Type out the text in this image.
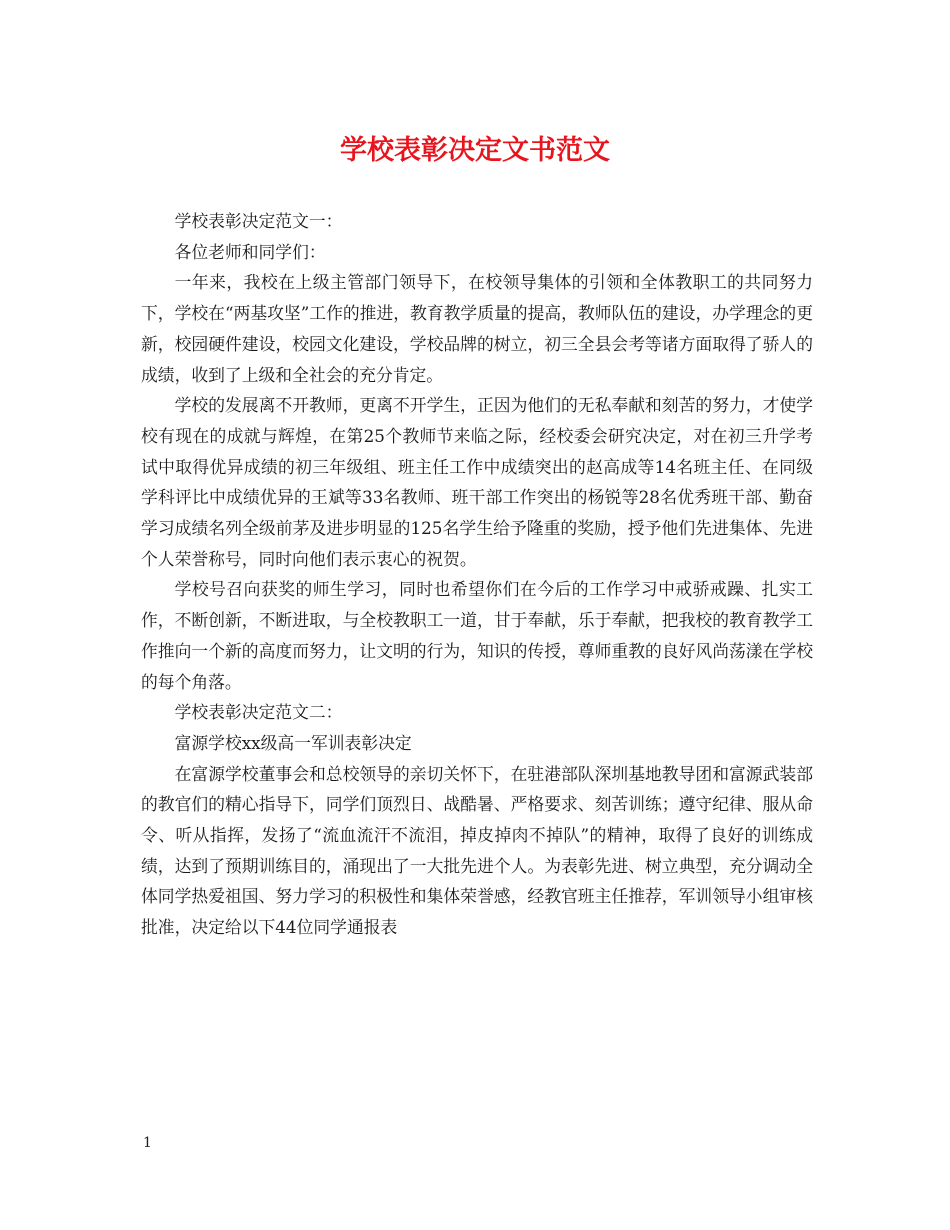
学校表彰决定文书范文

学校表彰决定范文一：

各位老师和同学们：

一年来，我校在上级主管部门领导下，在校领导集体的引领和全体教职工的共同努力下，学校在“两基攻坚”工作的推进，教育教学质量的提高，教师队伍的建设，办学理念的更新，校园硬件建设，校园文化建设，学校品牌的树立，初三全县会考等诸方面取得了骄人的成绩，收到了上级和全社会的充分肯定。

学校的发展离不开教师，更离不开学生，正因为他们的无私奉献和刻苦的努力，才使学校有现在的成就与辉煌，在第25个教师节来临之际，经校委会研究决定，对在初三升学考试中取得优异成绩的初三年级组、班主任工作中成绩突出的赵高成等14名班主任、在同级学科评比中成绩优异的王斌等33名教师、班干部工作突出的杨锐等28名优秀班干部、勤奋学习成绩名列全级前茅及进步明显的125名学生给予隆重的奖励，授予他们先进集体、先进个人荣誉称号，同时向他们表示衷心的祝贺。

学校号召向获奖的师生学习，同时也希望你们在今后的工作学习中戒骄戒躁、扎实工作，不断创新，不断进取，与全校教职工一道，甘于奉献，乐于奉献，把我校的教育教学工作推向一个新的高度而努力，让文明的行为，知识的传授，尊师重教的良好风尚荡漾在学校的每个角落。

学校表彰决定范文二：

富源学校xx级高一军训表彰决定

在富源学校董事会和总校领导的亲切关怀下，在驻港部队深圳基地教导团和富源武装部的教官们的精心指导下，同学们顶烈日、战酷暑、严格要求、刻苦训练；遵守纪律、服从命令、听从指挥，发扬了“流血流汗不流泪，掉皮掉肉不掉队”的精神，取得了良好的训练成绩，达到了预期训练目的，涌现出了一大批先进个人。为表彰先进、树立典型，充分调动全体同学热爱祖国、努力学习的积极性和集体荣誉感，经教官班主任推荐，军训领导小组审核批准，决定给以下44位同学通报表

1
